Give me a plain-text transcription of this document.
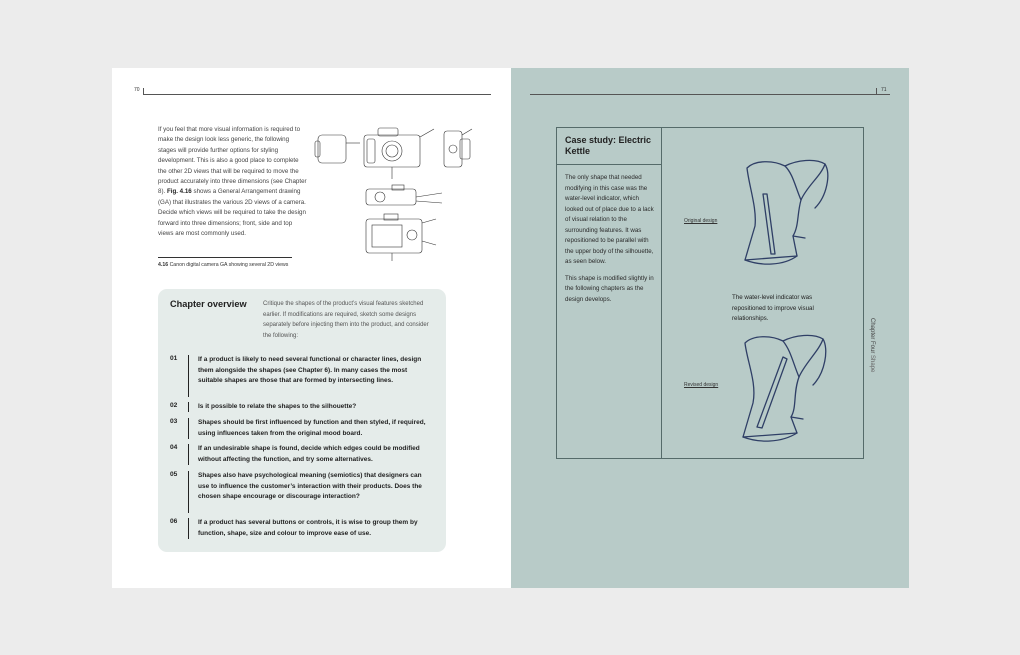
70
If you feel that more visual information is required to make the design look less generic, the following stages will provide further options for styling development. This is also a good place to complete the other 2D views that will be required to move the product accurately into three dimensions (see Chapter 8). Fig. 4.16 shows a General Arrangement drawing (GA) that illustrates the various 2D views of a camera. Decide which views will be required to take the design forward into three dimensions; front, side and top views are most commonly used.
4.16 Canon digital camera GA showing several 2D views
Chapter overview	Critique the shapes of the product’s visual features sketched earlier. If modifications are required, sketch some designs separately before injecting them into the product, and consider the following:
01	If a product is likely to need several functional or character lines, design them alongside the shapes (see Chapter 6). In many cases the most suitable shapes are those that are formed by intersecting lines.
02	Is it possible to relate the shapes to the silhouette?
03	Shapes should be first influenced by function and then styled, if required, using influences taken from the original mood board.
04	If an undesirable shape is found, decide which edges could be modified without affecting the function, and try some alternatives.
05	Shapes also have psychological meaning (semiotics) that designers can use to influence the customer’s interaction with their products. Does the chosen shape encourage or discourage interaction?
06	If a product has several buttons or controls, it is wise to group them by function, shape, size and colour to improve ease of use.
71
Case study: Electric Kettle

The only shape that needed modifying in this case was the water-level indicator, which looked out of place due to a lack of visual relation to the surrounding features. It was repositioned to be parallel with the upper body of the silhouette, as seen below.

This shape is modified slightly in the following chapters as the design develops.

Original design
The water-level indicator was repositioned to improve visual relationships.
Revised design
Chapter Four Shape
